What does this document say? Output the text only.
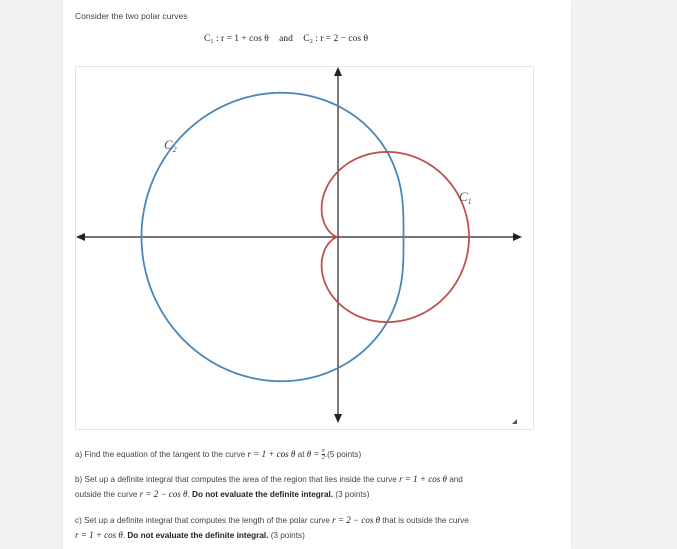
Consider the two polar curves
C₁ : r = 1 + cos θ and C₂ : r = 2 − cos θ
$C_2$
$C_1$
a) Find the equation of the tangent to the curve r = 1 + cos θ at $\theta = \frac{\pi}{2} .(5$ points)
b) Set up a definite integral that computes the area of the region that lies inside the curve r = 1 + cos θ and
outside the curve r = 2 − cos θ. Do not evaluate the definite integral. (3 points)
c) Set up a definite integral that computes the length of the polar curve r = 2 − cos θ that is outside the curve
r = 1 + cos θ. Do not evaluate the definite integral. (3 points)
